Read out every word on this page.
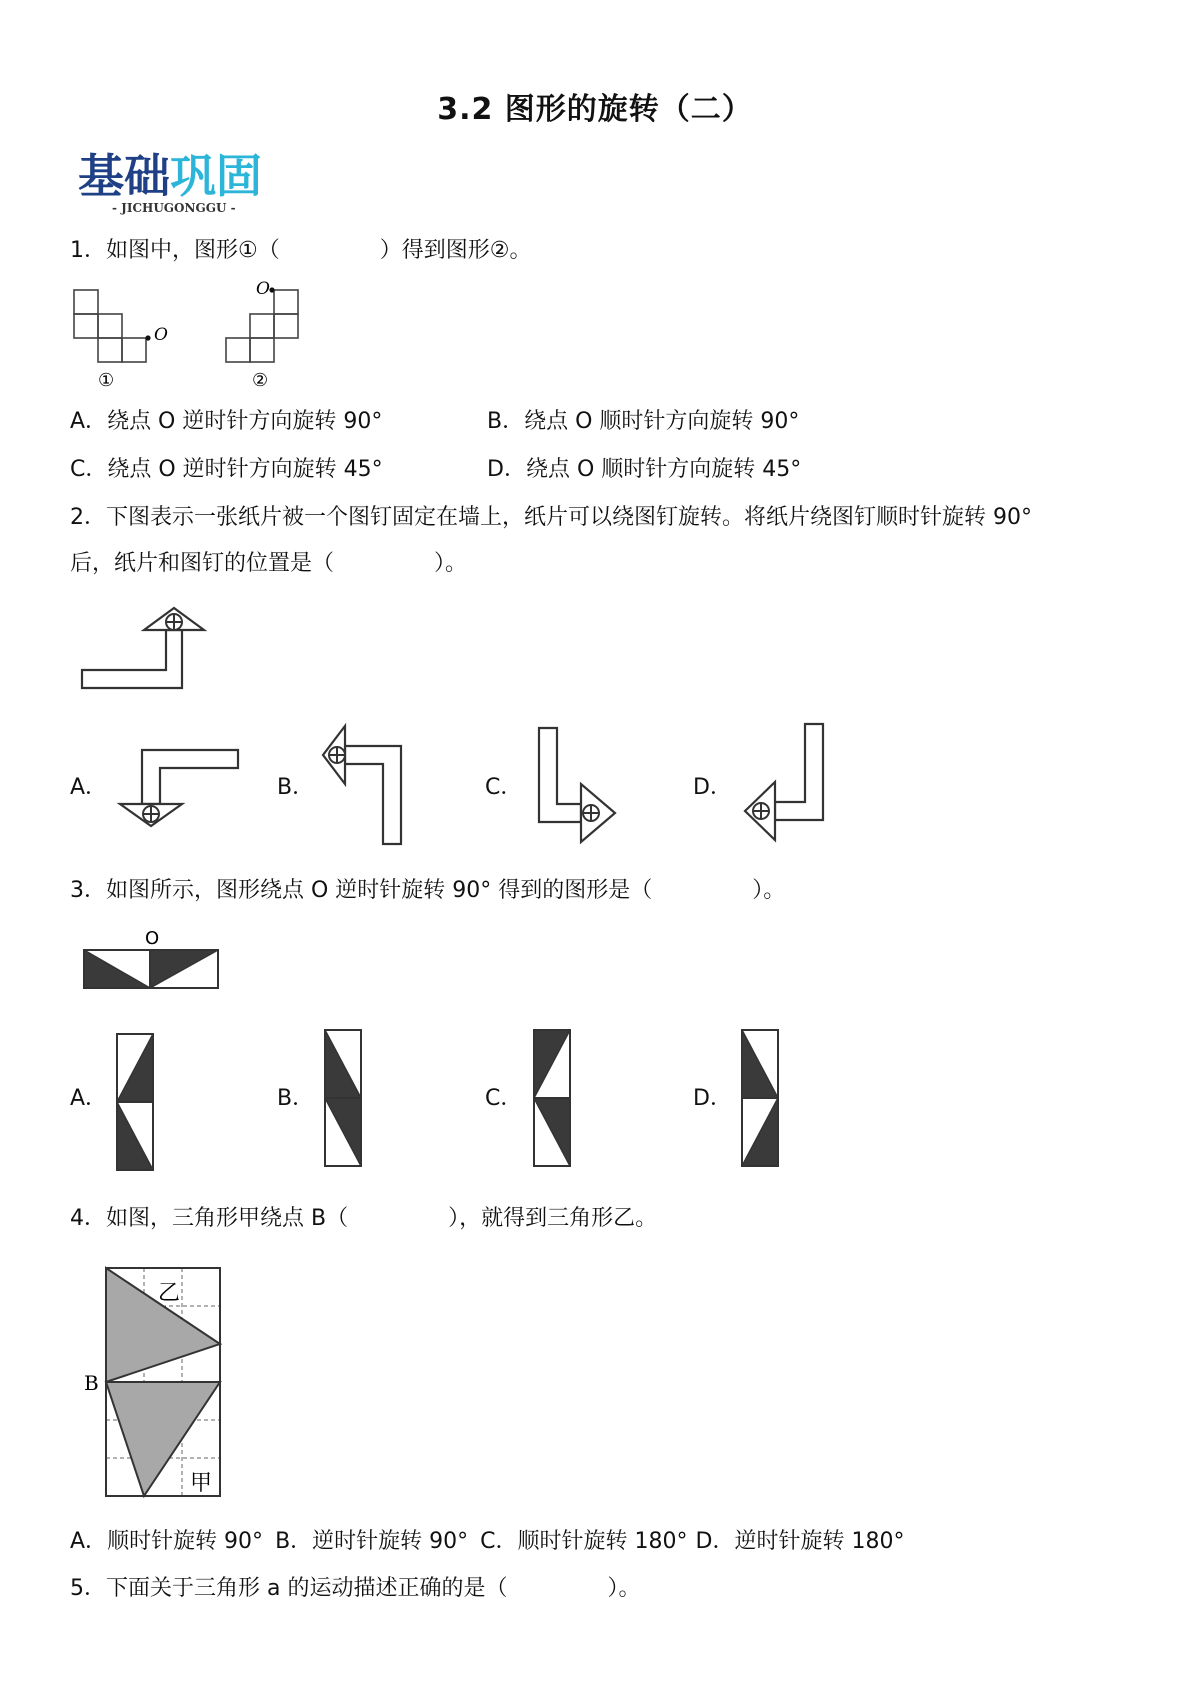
3.2 图形的旋转（二）
基础巩固
- JICHUGONGGU -
1．如图中，图形①（	）得到图形②。
O
①
O
②
A．绕点 O 逆时针方向旋转 90°	B．绕点 O 顺时针方向旋转 90°
C．绕点 O 逆时针方向旋转 45°	D．绕点 O 顺时针方向旋转 45°
2．下图表示一张纸片被一个图钉固定在墙上，纸片可以绕图钉旋转。将纸片绕图钉顺时针旋转 90°
后，纸片和图钉的位置是（	）。
A．	B．	C．	D．
3．如图所示，图形绕点 O 逆时针旋转 90° 得到的图形是（	）。
O
A．	B．	C．	D．
4．如图，三角形甲绕点 B（	），就得到三角形乙。
乙
甲
B
A．顺时针旋转 90° B．逆时针旋转 90° C．顺时针旋转 180° D．逆时针旋转 180°
5．下面关于三角形 a 的运动描述正确的是（	）。
